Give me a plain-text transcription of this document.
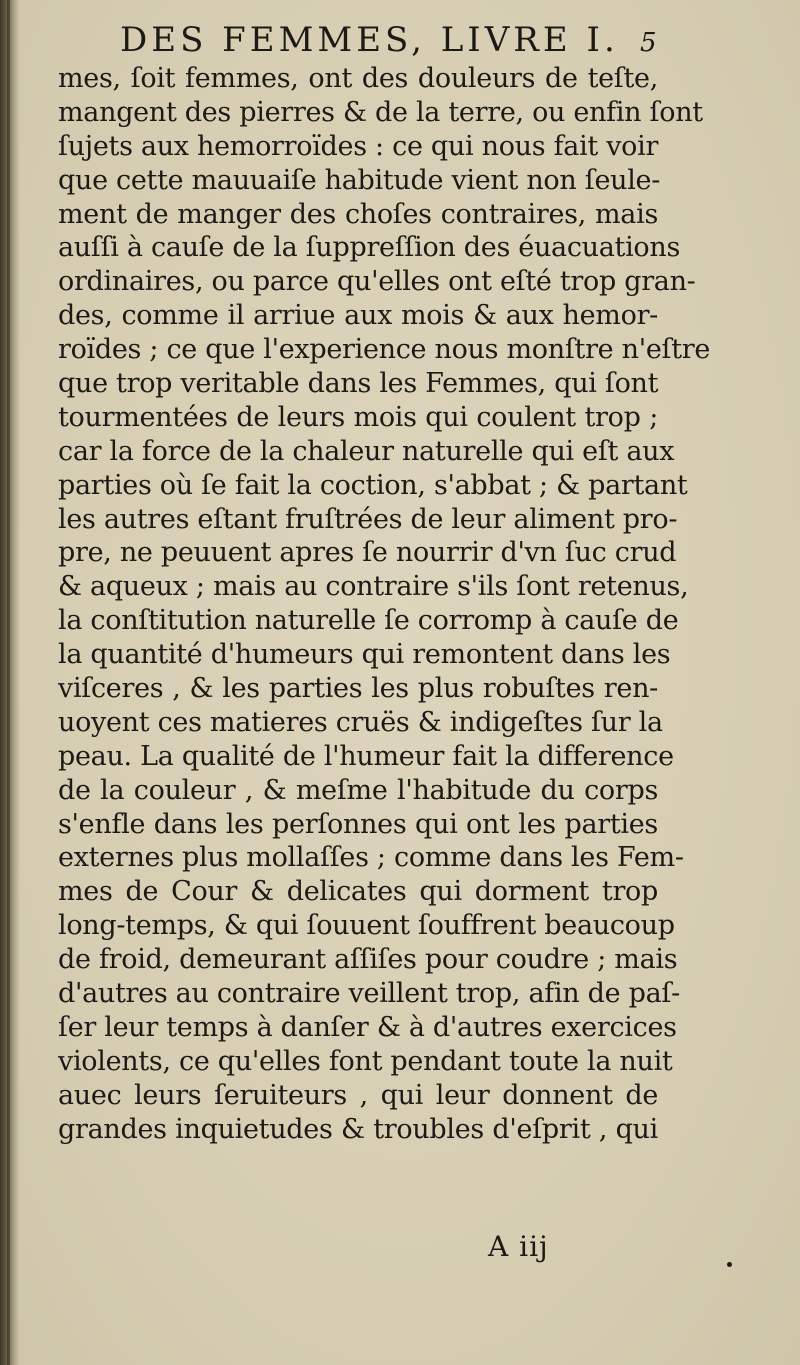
DES FEMMES, LIVRE I. 5
mes, ſoit femmes, ont des douleurs de teſte,
mangent des pierres & de la terre, ou enfin ſont
ſujets aux hemorroïdes : ce qui nous fait voir
que cette mauuaiſe habitude vient non ſeule-
ment de manger des choſes contraires, mais
auſſi à cauſe de la ſuppreſſion des éuacuations
ordinaires, ou parce qu'elles ont eſté trop gran-
des, comme il arriue aux mois & aux hemor-
roïdes ; ce que l'experience nous monſtre n'eſtre
que trop veritable dans les Femmes, qui ſont
tourmentées de leurs mois qui coulent trop ;
car la force de la chaleur naturelle qui eſt aux
parties où ſe fait la coction, s'abbat ; & partant
les autres eſtant fruſtrées de leur aliment pro-
pre, ne peuuent apres ſe nourrir d'vn ſuc crud
& aqueux ; mais au contraire s'ils ſont retenus,
la conſtitution naturelle ſe corromp à cauſe de
la quantité d'humeurs qui remontent dans les
viſceres , & les parties les plus robuſtes ren-
uoyent ces matieres cruës & indigeſtes ſur la
peau. La qualité de l'humeur fait la difference
de la couleur , & meſme l'habitude du corps
s'enfle dans les perſonnes qui ont les parties
externes plus mollaſſes ; comme dans les Fem-
mes de Cour & delicates qui dorment trop
long-temps, & qui ſouuent ſouffrent beaucoup
de froid, demeurant aſſiſes pour coudre ; mais
d'autres au contraire veillent trop, afin de paſ-
ſer leur temps à danſer & à d'autres exercices
violents, ce qu'elles font pendant toute la nuit
auec leurs ſeruiteurs , qui leur donnent de
grandes inquietudes & troubles d'eſprit , qui
A iij
